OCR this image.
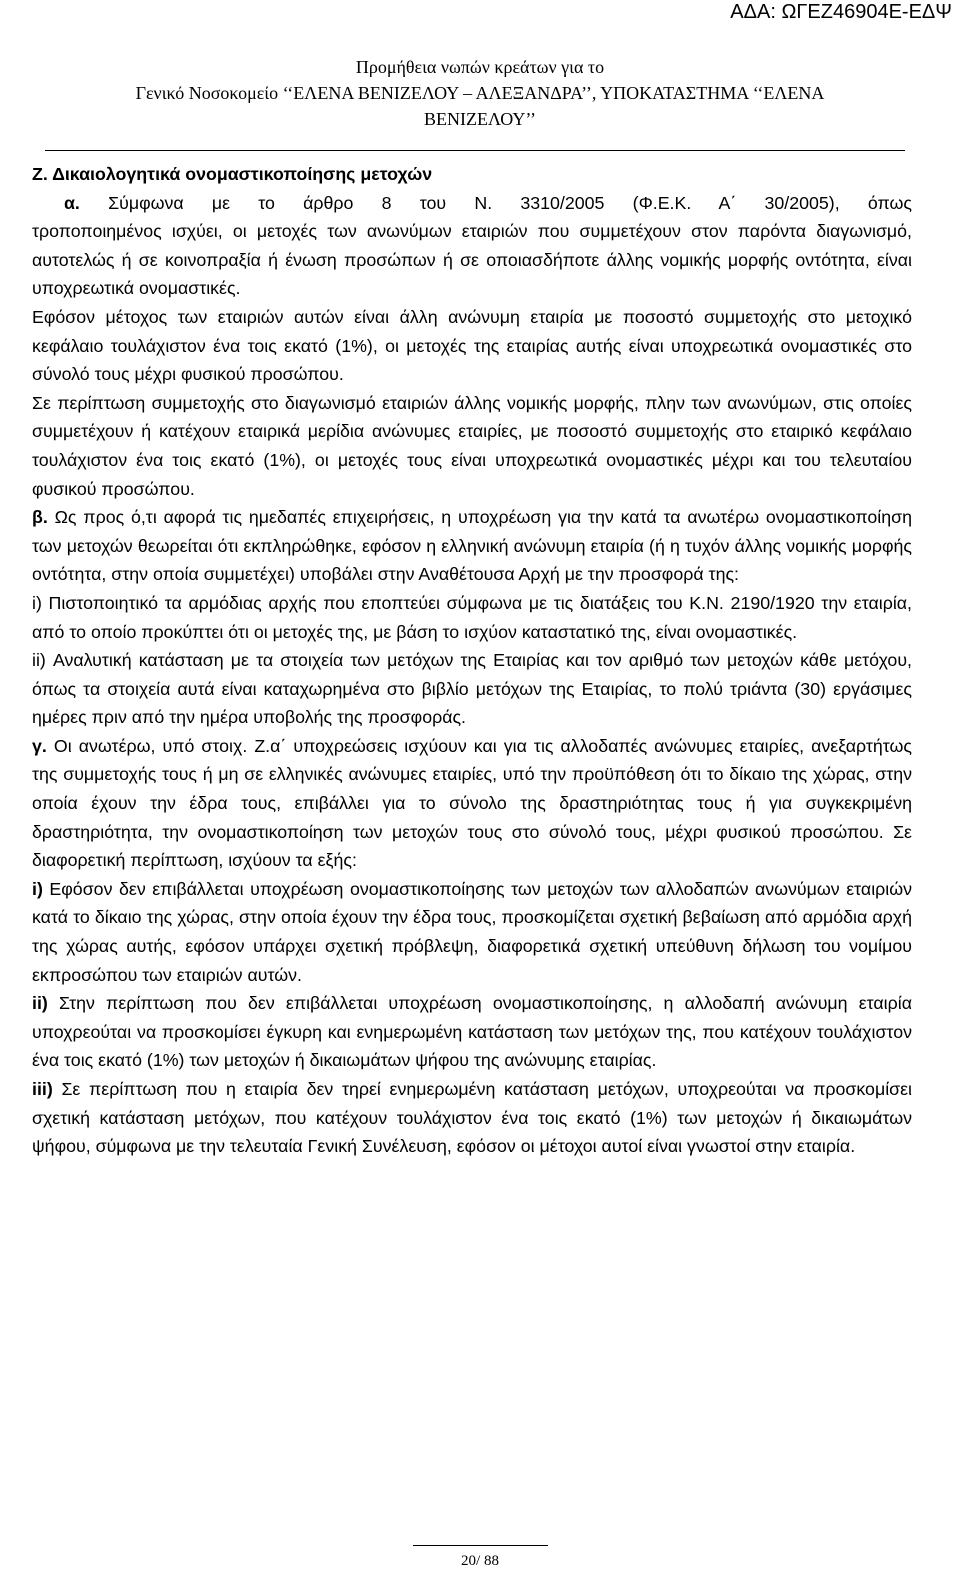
ΑΔΑ: ΩΓΕΖ46904Ε-ΕΔΨ
Προμήθεια νωπών κρεάτων για το
Γενικό Νοσοκομείο ‘‘ΕΛΕΝΑ ΒΕΝΙΖΕΛΟΥ – ΑΛΕΞΑΝΔΡΑ’’, ΥΠΟΚΑΤΑΣΤΗΜΑ ‘‘ΕΛΕΝΑ
ΒΕΝΙΖΕΛΟΥ’’

Ζ. Δικαιολογητικά ονομαστικοποίησης μετοχών

α. Σύμφωνα με το άρθρο 8 του Ν. 3310/2005 (Φ.Ε.Κ. Α΄ 30/2005), όπως

τροποποιημένος ισχύει, οι μετοχές των ανωνύμων εταιριών που συμμετέχουν στον παρόντα διαγωνισμό, αυτοτελώς ή σε κοινοπραξία ή ένωση προσώπων ή σε οποιασδήποτε άλλης νομικής μορφής οντότητα, είναι υποχρεωτικά ονομαστικές.

Εφόσον μέτοχος των εταιριών αυτών είναι άλλη ανώνυμη εταιρία με ποσοστό συμμετοχής στο μετοχικό κεφάλαιο τουλάχιστον ένα τοις εκατό (1%), οι μετοχές της εταιρίας αυτής είναι υποχρεωτικά ονομαστικές στο σύνολό τους μέχρι φυσικού προσώπου.

Σε περίπτωση συμμετοχής στο διαγωνισμό εταιριών άλλης νομικής μορφής, πλην των ανωνύμων, στις οποίες συμμετέχουν ή κατέχουν εταιρικά μερίδια ανώνυμες εταιρίες, με ποσοστό συμμετοχής στο εταιρικό κεφάλαιο τουλάχιστον ένα τοις εκατό (1%), οι μετοχές τους είναι υποχρεωτικά ονομαστικές μέχρι και του τελευταίου φυσικού προσώπου.

β. Ως προς ό,τι αφορά τις ημεδαπές επιχειρήσεις, η υποχρέωση για την κατά τα ανωτέρω ονομαστικοποίηση των μετοχών θεωρείται ότι εκπληρώθηκε, εφόσον η ελληνική ανώνυμη εταιρία (ή η τυχόν άλλης νομικής μορφής οντότητα, στην οποία συμμετέχει) υποβάλει στην Αναθέτουσα Αρχή με την προσφορά της:

i) Πιστοποιητικό τα αρμόδιας αρχής που εποπτεύει σύμφωνα με τις διατάξεις του Κ.Ν. 2190/1920 την εταιρία, από το οποίο προκύπτει ότι οι μετοχές της, με βάση το ισχύον καταστατικό της, είναι ονομαστικές.

ii) Αναλυτική κατάσταση με τα στοιχεία των μετόχων της Εταιρίας και τον αριθμό των μετοχών κάθε μετόχου, όπως τα στοιχεία αυτά είναι καταχωρημένα στο βιβλίο μετόχων της Εταιρίας, το πολύ τριάντα (30) εργάσιμες ημέρες πριν από την ημέρα υποβολής της προσφοράς.

γ. Οι ανωτέρω, υπό στοιχ. Ζ.α΄ υποχρεώσεις ισχύουν και για τις αλλοδαπές ανώνυμες εταιρίες, ανεξαρτήτως της συμμετοχής τους ή μη σε ελληνικές ανώνυμες εταιρίες, υπό την προϋπόθεση ότι το δίκαιο της χώρας, στην οποία έχουν την έδρα τους, επιβάλλει για το σύνολο της δραστηριότητας τους ή για συγκεκριμένη δραστηριότητα, την ονομαστικοποίηση των μετοχών τους στο σύνολό τους, μέχρι φυσικού προσώπου. Σε διαφορετική περίπτωση, ισχύουν τα εξής:

i) Εφόσον δεν επιβάλλεται υποχρέωση ονομαστικοποίησης των μετοχών των αλλοδαπών ανωνύμων εταιριών κατά το δίκαιο της χώρας, στην οποία έχουν την έδρα τους, προσκομίζεται σχετική βεβαίωση από αρμόδια αρχή της χώρας αυτής, εφόσον υπάρχει σχετική πρόβλεψη, διαφορετικά σχετική υπεύθυνη δήλωση του νομίμου εκπροσώπου των εταιριών αυτών.

ii) Στην περίπτωση που δεν επιβάλλεται υποχρέωση ονομαστικοποίησης, η αλλοδαπή ανώνυμη εταιρία υποχρεούται να προσκομίσει έγκυρη και ενημερωμένη κατάσταση των μετόχων της, που κατέχουν τουλάχιστον ένα τοις εκατό (1%) των μετοχών ή δικαιωμάτων ψήφου της ανώνυμης εταιρίας.

iii) Σε περίπτωση που η εταιρία δεν τηρεί ενημερωμένη κατάσταση μετόχων, υποχρεούται να προσκομίσει σχετική κατάσταση μετόχων, που κατέχουν τουλάχιστον ένα τοις εκατό (1%) των μετοχών ή δικαιωμάτων ψήφου, σύμφωνα με την τελευταία Γενική Συνέλευση, εφόσον οι μέτοχοι αυτοί είναι γνωστοί στην εταιρία.

20/ 88
